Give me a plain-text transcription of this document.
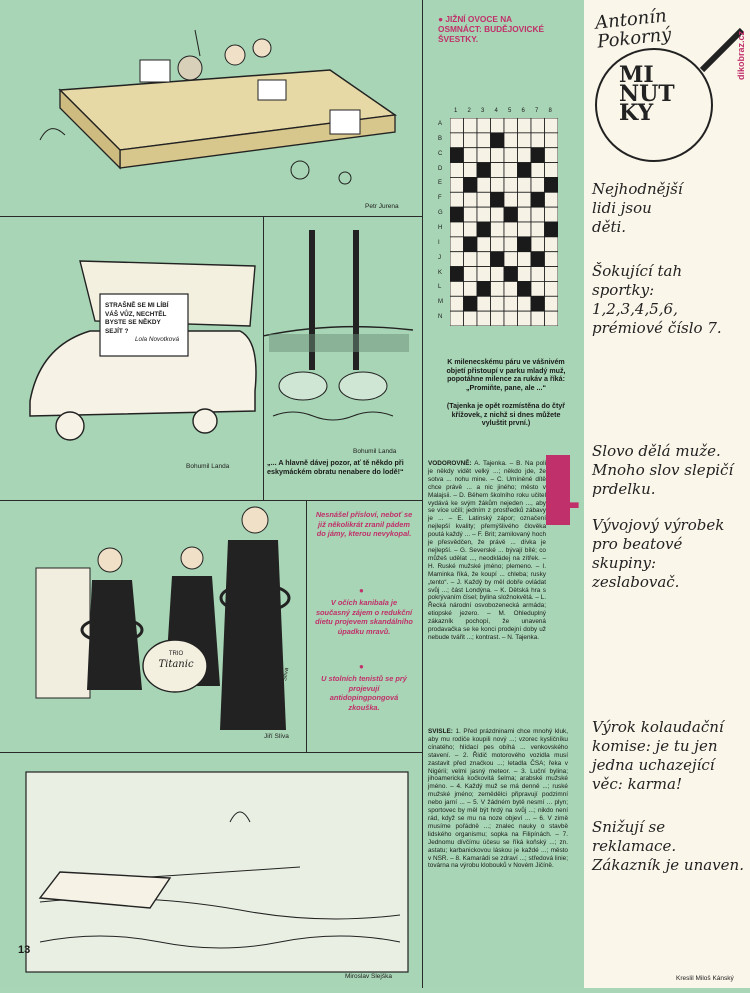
Petr Jurena
STRAŠNĚ SE MI LÍBÍ
VÁŠ VŮZ, NECHTĚL
BYSTE SE NĚKDY
SEJÍT ?
Lola Novotková
Bohumil Landa
Bohumil Landa
„... A hlavně dávej pozor, ať tě někdo při eskymáckém obratu nenabere do lodě!“
TRIO
Titanic
Slíva
Jiří Slíva
Nesnášel přísloví, neboť se již několikrát zranil pádem do jámy, kterou nevykopal.
●
V očích kanibala je současný zájem o redukční dietu projevem skandálního úpadku mravů.
●
U stolních tenistů se prý projevují antidopingpongová zkouška.
Miroslav Slejška
13
● JIŽNÍ OVOCE NA OSMNÁCT: BUDĚJOVICKÉ ŠVESTKY.
1 2 3 4 5 6 7 8
A
B
C
D
E
F
G
H
I
J
K
L
M
N
K milenecskému páru ve vášnivém objetí přistoupí v parku mladý muž, popotáhne milence za rukáv a říká: „Promiňte, pane, ale ...“
(Tajenka je opět rozmístěna do čtyř křížovek, z nichž si dnes můžete vyluštit první.)
1
VODOROVNĚ: A. Tajenka. – B. Na poli je někdy vidět velký ...; někdo jde, že sotva ... nohu mine. – C. Umíněné dítě chce právě ... a nic jiného; město v Malajsii. – D. Během školního roku učitel vydává ke svým žákům nejeden ..., aby se více učili; jedním z prostředků zábavy je ... – E. Latinský zápor; označení nejlepší kvality; přemýšlivého člověka poutá každý ... – F. Brit; zamilovaný hoch je přesvědčen, že právě ... dívka je nejlepší. – G. Severské ... bývají bílé; co můžeš udělat ..., neodkládej na zítřek. – H. Ruské mužské jméno; plemeno. – I. Maminka říká, že koupí ... chleba; rusky „tento“. – J. Každý by měl dobře ovládat svůj ...; část Londýna. – K. Dětská hra s pokrývaním čísel; bylina složnokvětá. – L. Řecká národní osvobozenecká armáda; etiopské jezero. – M. Ohleduplný zákazník pochopí, že unavená prodavačka se ke konci prodejní doby už nebude tvářit ...; kontrast. – N. Tajenka.
SVISLE: 1. Před prázdninami chce mnohý kluk, aby mu rodiče koupili nový ...; vzorec kysličníku cínatého; hlídací pes obíhá ... venkovského stavení. – 2. Řidič motorového vozidla musí zastavit před značkou ...; letadla ČSA; řeka v Nigérii; velmi jasný meteor. – 3. Luční bylina; jihoamerická kočkovitá šelma; arabské mužské jméno. – 4. Každý muž se má denně ...; ruské mužské jméno; zemědělci připravují podzimní nebo jarní ... – 5. V žádném bytě nesmí ... plyn; sportovec by měl být hrdý na svůj ...; nikdo není rád, když se mu na noze objeví ... – 6. V zimě musíme pořádně ...; znalec nauky o stavbě lidského organismu; sopka na Filipínách. – 7. Jednomu dívčímu účesu se říká koňský ...; zn. astatu; karbanickovou láskou je každé ...; město v NSR. – 8. Kamarádi se zdraví ...; středová linie; továrna na výrobu klobouků v Novém Jičíně.
Antonín Pokorný
MI
NUT
KY
Nejhodnější lidi jsou děti.
Šokující tah sportky: 1,2,3,4,5,6, prémiové číslo 7.
Slovo dělá muže. Mnoho slov slepičí prdelku.
Vývojový výrobek pro beatové skupiny: zeslabovač.
Výrok kolaudační komise: je tu jen jedna uchazející věc: karma!
Snižují se reklamace. Zákazník je unaven.
Kreslil Miloš Kánský
dikobraz.cz
